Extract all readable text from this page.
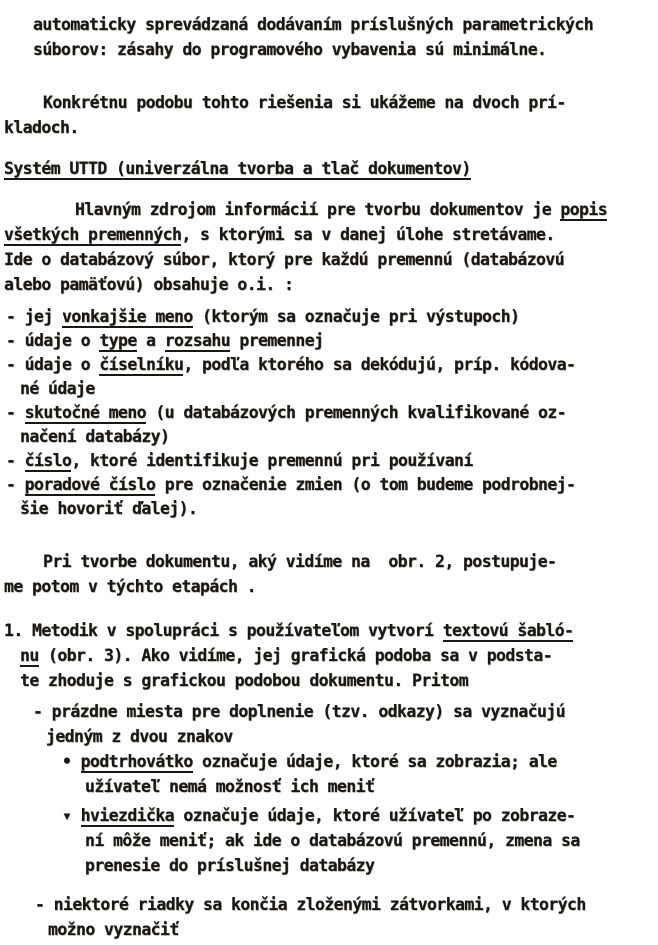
automaticky sprevádzaná dodávaním príslušných parametrických
súborov: zásahy do programového vybavenia sú minimálne.
Konkrétnu podobu tohto riešenia si ukážeme na dvoch prí-
kladoch.
Systém UTTD (univerzálna tvorba a tlač dokumentov)
Hlavným zdrojom informácií pre tvorbu dokumentov je popis
všetkých premenných, s ktorými sa v danej úlohe stretávame.
Ide o databázový súbor, ktorý pre každú premennú (databázovú
alebo pamäťovú) obsahuje o.i. :
- jej vonkajšie meno (ktorým sa označuje pri výstupoch)
- údaje o type a rozsahu premennej
- údaje o číselníku, podľa ktorého sa dekódujú, príp. kódova-
né údaje
- skutočné meno (u databázových premenných kvalifikované oz-
načení databázy)
- číslo, ktoré identifikuje premennú pri používaní
- poradové číslo pre označenie zmien (o tom budeme podrobnej-
šie hovoriť ďalej).
Pri tvorbe dokumentu, aký vidíme na  obr. 2, postupuje-
me potom v týchto etapách .
1. Metodik v spolupráci s používateľom vytvorí textovú šabló-
nu (obr. 3). Ako vidíme, jej grafická podoba sa v podsta-
te zhoduje s grafickou podobou dokumentu. Pritom
- prázdne miesta pre doplnenie (tzv. odkazy) sa vyznačujú
jedným z dvou znakov
• podtrhovátko označuje údaje, ktoré sa zobrazia; ale
užívateľ nemá možnosť ich meniť
▾ hviezdička označuje údaje, ktoré užívateľ po zobraze-
ní môže meniť; ak ide o databázovú premennú, zmena sa
prenesie do príslušnej databázy
- niektoré riadky sa končia zloženými zátvorkami, v ktorých
možno vyznačiť
